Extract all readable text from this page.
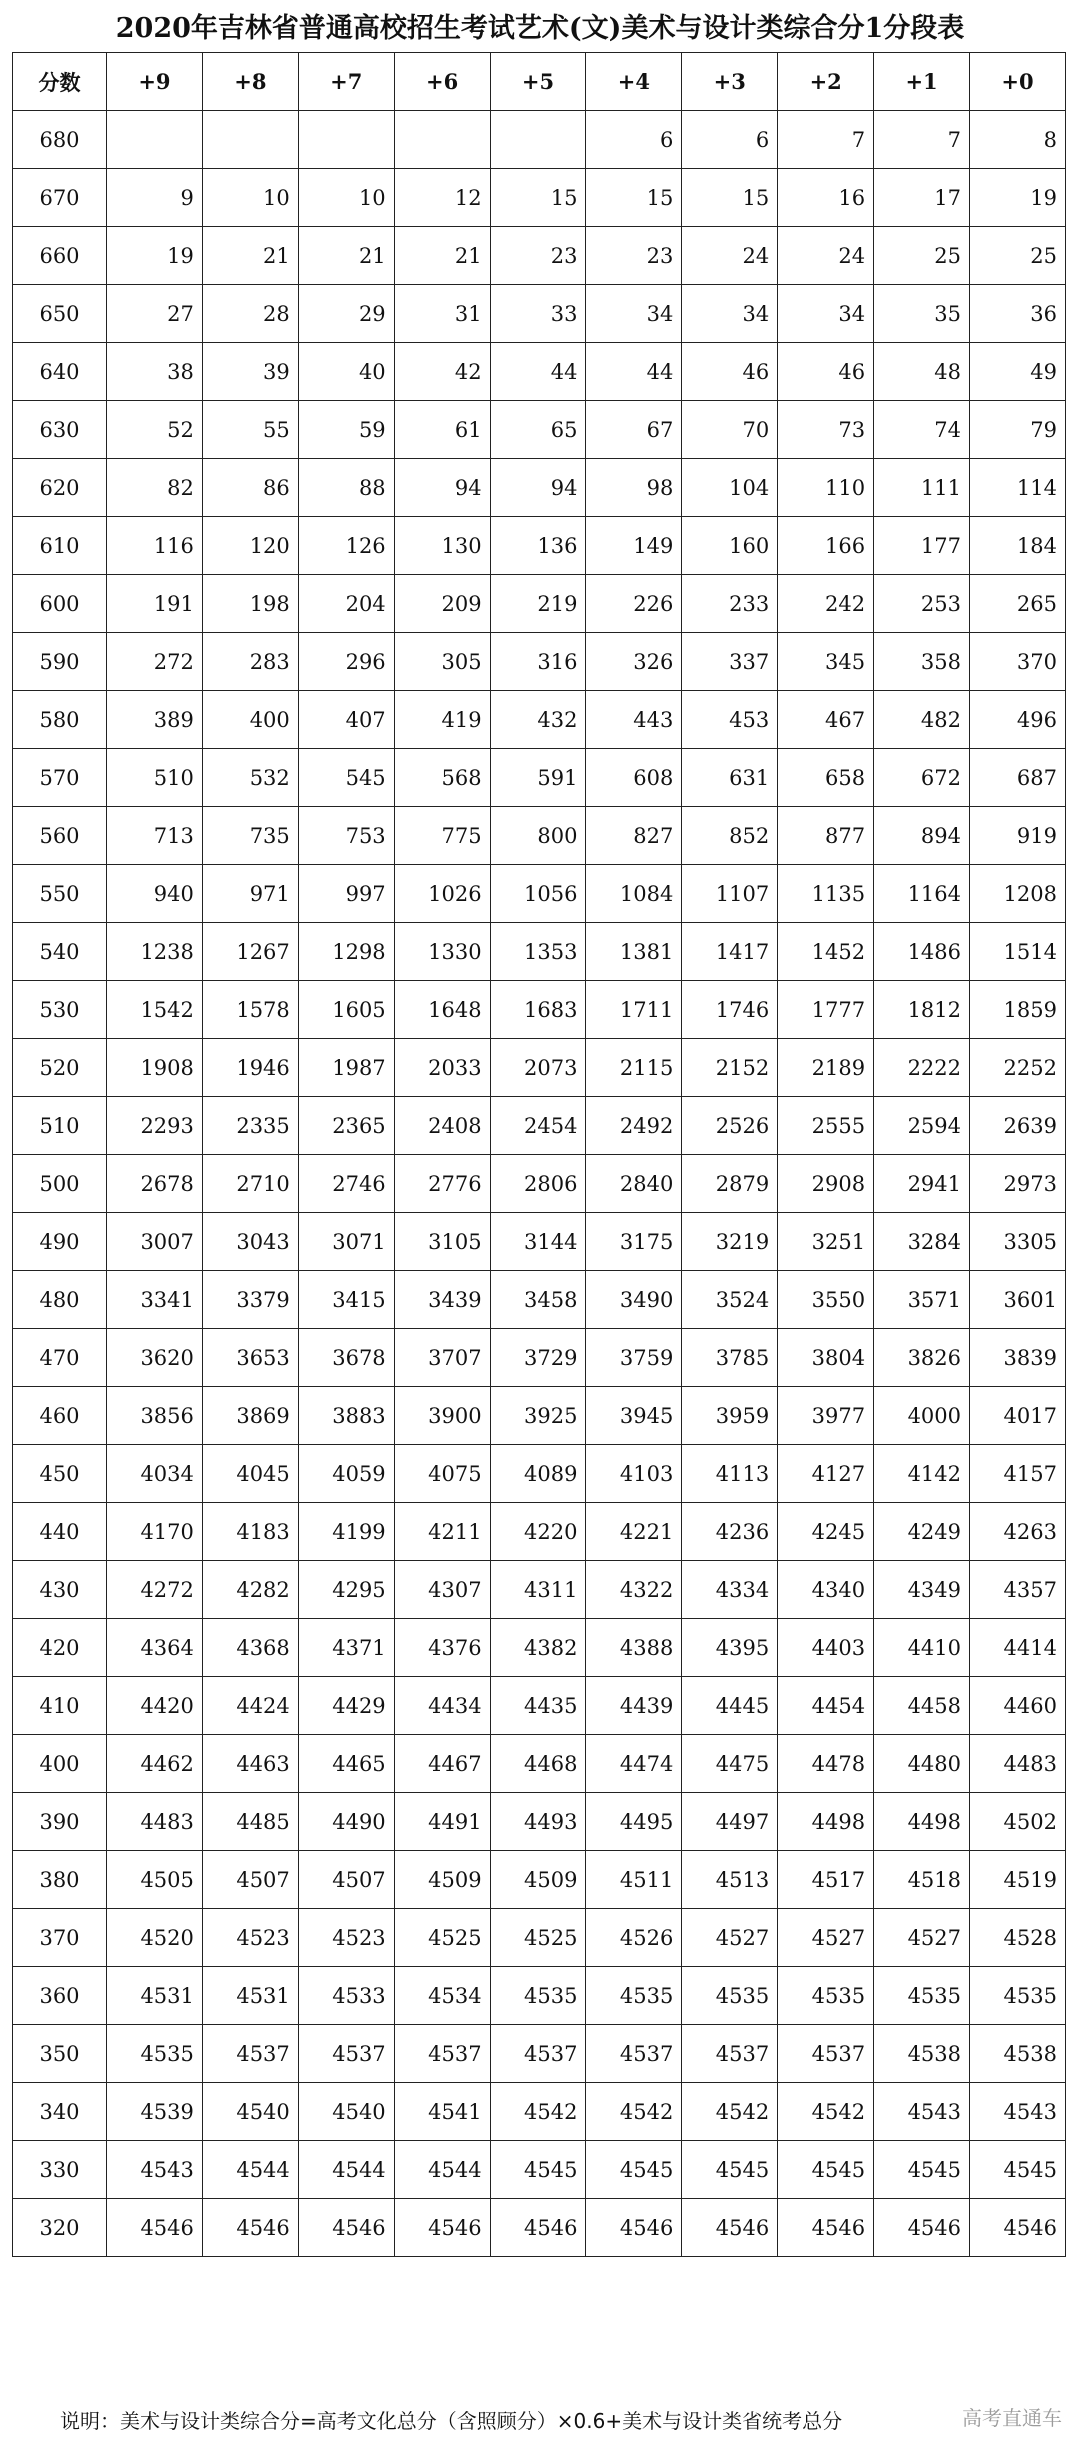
2020年吉林省普通高校招生考试艺术(文)美术与设计类综合分1分段表
分数	+9	+8	+7	+6	+5	+4	+3	+2	+1	+0
680						6	6	7	7	8
670	9	10	10	12	15	15	15	16	17	19
660	19	21	21	21	23	23	24	24	25	25
650	27	28	29	31	33	34	34	34	35	36
640	38	39	40	42	44	44	46	46	48	49
630	52	55	59	61	65	67	70	73	74	79
620	82	86	88	94	94	98	104	110	111	114
610	116	120	126	130	136	149	160	166	177	184
600	191	198	204	209	219	226	233	242	253	265
590	272	283	296	305	316	326	337	345	358	370
580	389	400	407	419	432	443	453	467	482	496
570	510	532	545	568	591	608	631	658	672	687
560	713	735	753	775	800	827	852	877	894	919
550	940	971	997	1026	1056	1084	1107	1135	1164	1208
540	1238	1267	1298	1330	1353	1381	1417	1452	1486	1514
530	1542	1578	1605	1648	1683	1711	1746	1777	1812	1859
520	1908	1946	1987	2033	2073	2115	2152	2189	2222	2252
510	2293	2335	2365	2408	2454	2492	2526	2555	2594	2639
500	2678	2710	2746	2776	2806	2840	2879	2908	2941	2973
490	3007	3043	3071	3105	3144	3175	3219	3251	3284	3305
480	3341	3379	3415	3439	3458	3490	3524	3550	3571	3601
470	3620	3653	3678	3707	3729	3759	3785	3804	3826	3839
460	3856	3869	3883	3900	3925	3945	3959	3977	4000	4017
450	4034	4045	4059	4075	4089	4103	4113	4127	4142	4157
440	4170	4183	4199	4211	4220	4221	4236	4245	4249	4263
430	4272	4282	4295	4307	4311	4322	4334	4340	4349	4357
420	4364	4368	4371	4376	4382	4388	4395	4403	4410	4414
410	4420	4424	4429	4434	4435	4439	4445	4454	4458	4460
400	4462	4463	4465	4467	4468	4474	4475	4478	4480	4483
390	4483	4485	4490	4491	4493	4495	4497	4498	4498	4502
380	4505	4507	4507	4509	4509	4511	4513	4517	4518	4519
370	4520	4523	4523	4525	4525	4526	4527	4527	4527	4528
360	4531	4531	4533	4534	4535	4535	4535	4535	4535	4535
350	4535	4537	4537	4537	4537	4537	4537	4537	4538	4538
340	4539	4540	4540	4541	4542	4542	4542	4542	4543	4543
330	4543	4544	4544	4544	4545	4545	4545	4545	4545	4545
320	4546	4546	4546	4546	4546	4546	4546	4546	4546	4546
说明：美术与设计类综合分=高考文化总分（含照顾分）×0.6+美术与设计类省统考总分	高考直通车
